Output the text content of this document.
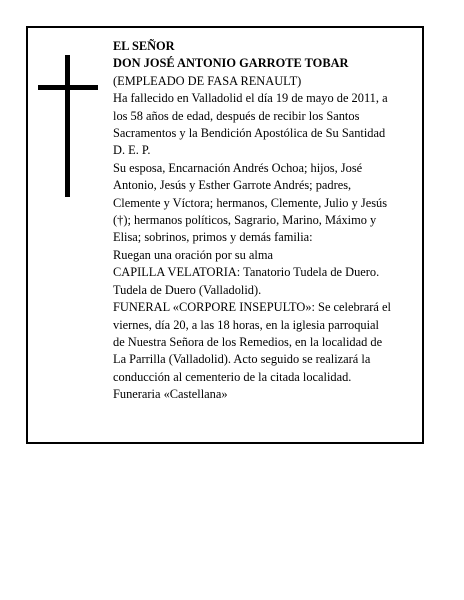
EL SEÑOR

DON JOSÉ ANTONIO GARROTE TOBAR

(EMPLEADO DE FASA RENAULT)

Ha fallecido en Valladolid el día 19 de mayo de 2011, a

los 58 años de edad, después de recibir los Santos

Sacramentos y la Bendición Apostólica de Su Santidad

D. E. P.

Su esposa, Encarnación Andrés Ochoa; hijos, José

Antonio, Jesús y Esther Garrote Andrés; padres,

Clemente y Víctora; hermanos, Clemente, Julio y Jesús

(†); hermanos políticos, Sagrario, Marino, Máximo y

Elisa; sobrinos, primos y demás familia:

Ruegan una oración por su alma

CAPILLA VELATORIA: Tanatorio Tudela de Duero.

Tudela de Duero (Valladolid).

FUNERAL «CORPORE INSEPULTO»: Se celebrará el

viernes, día 20, a las 18 horas, en la iglesia parroquial

de Nuestra Señora de los Remedios, en la localidad de

La Parrilla (Valladolid). Acto seguido se realizará la

conducción al cementerio de la citada localidad.

Funeraria «Castellana»
